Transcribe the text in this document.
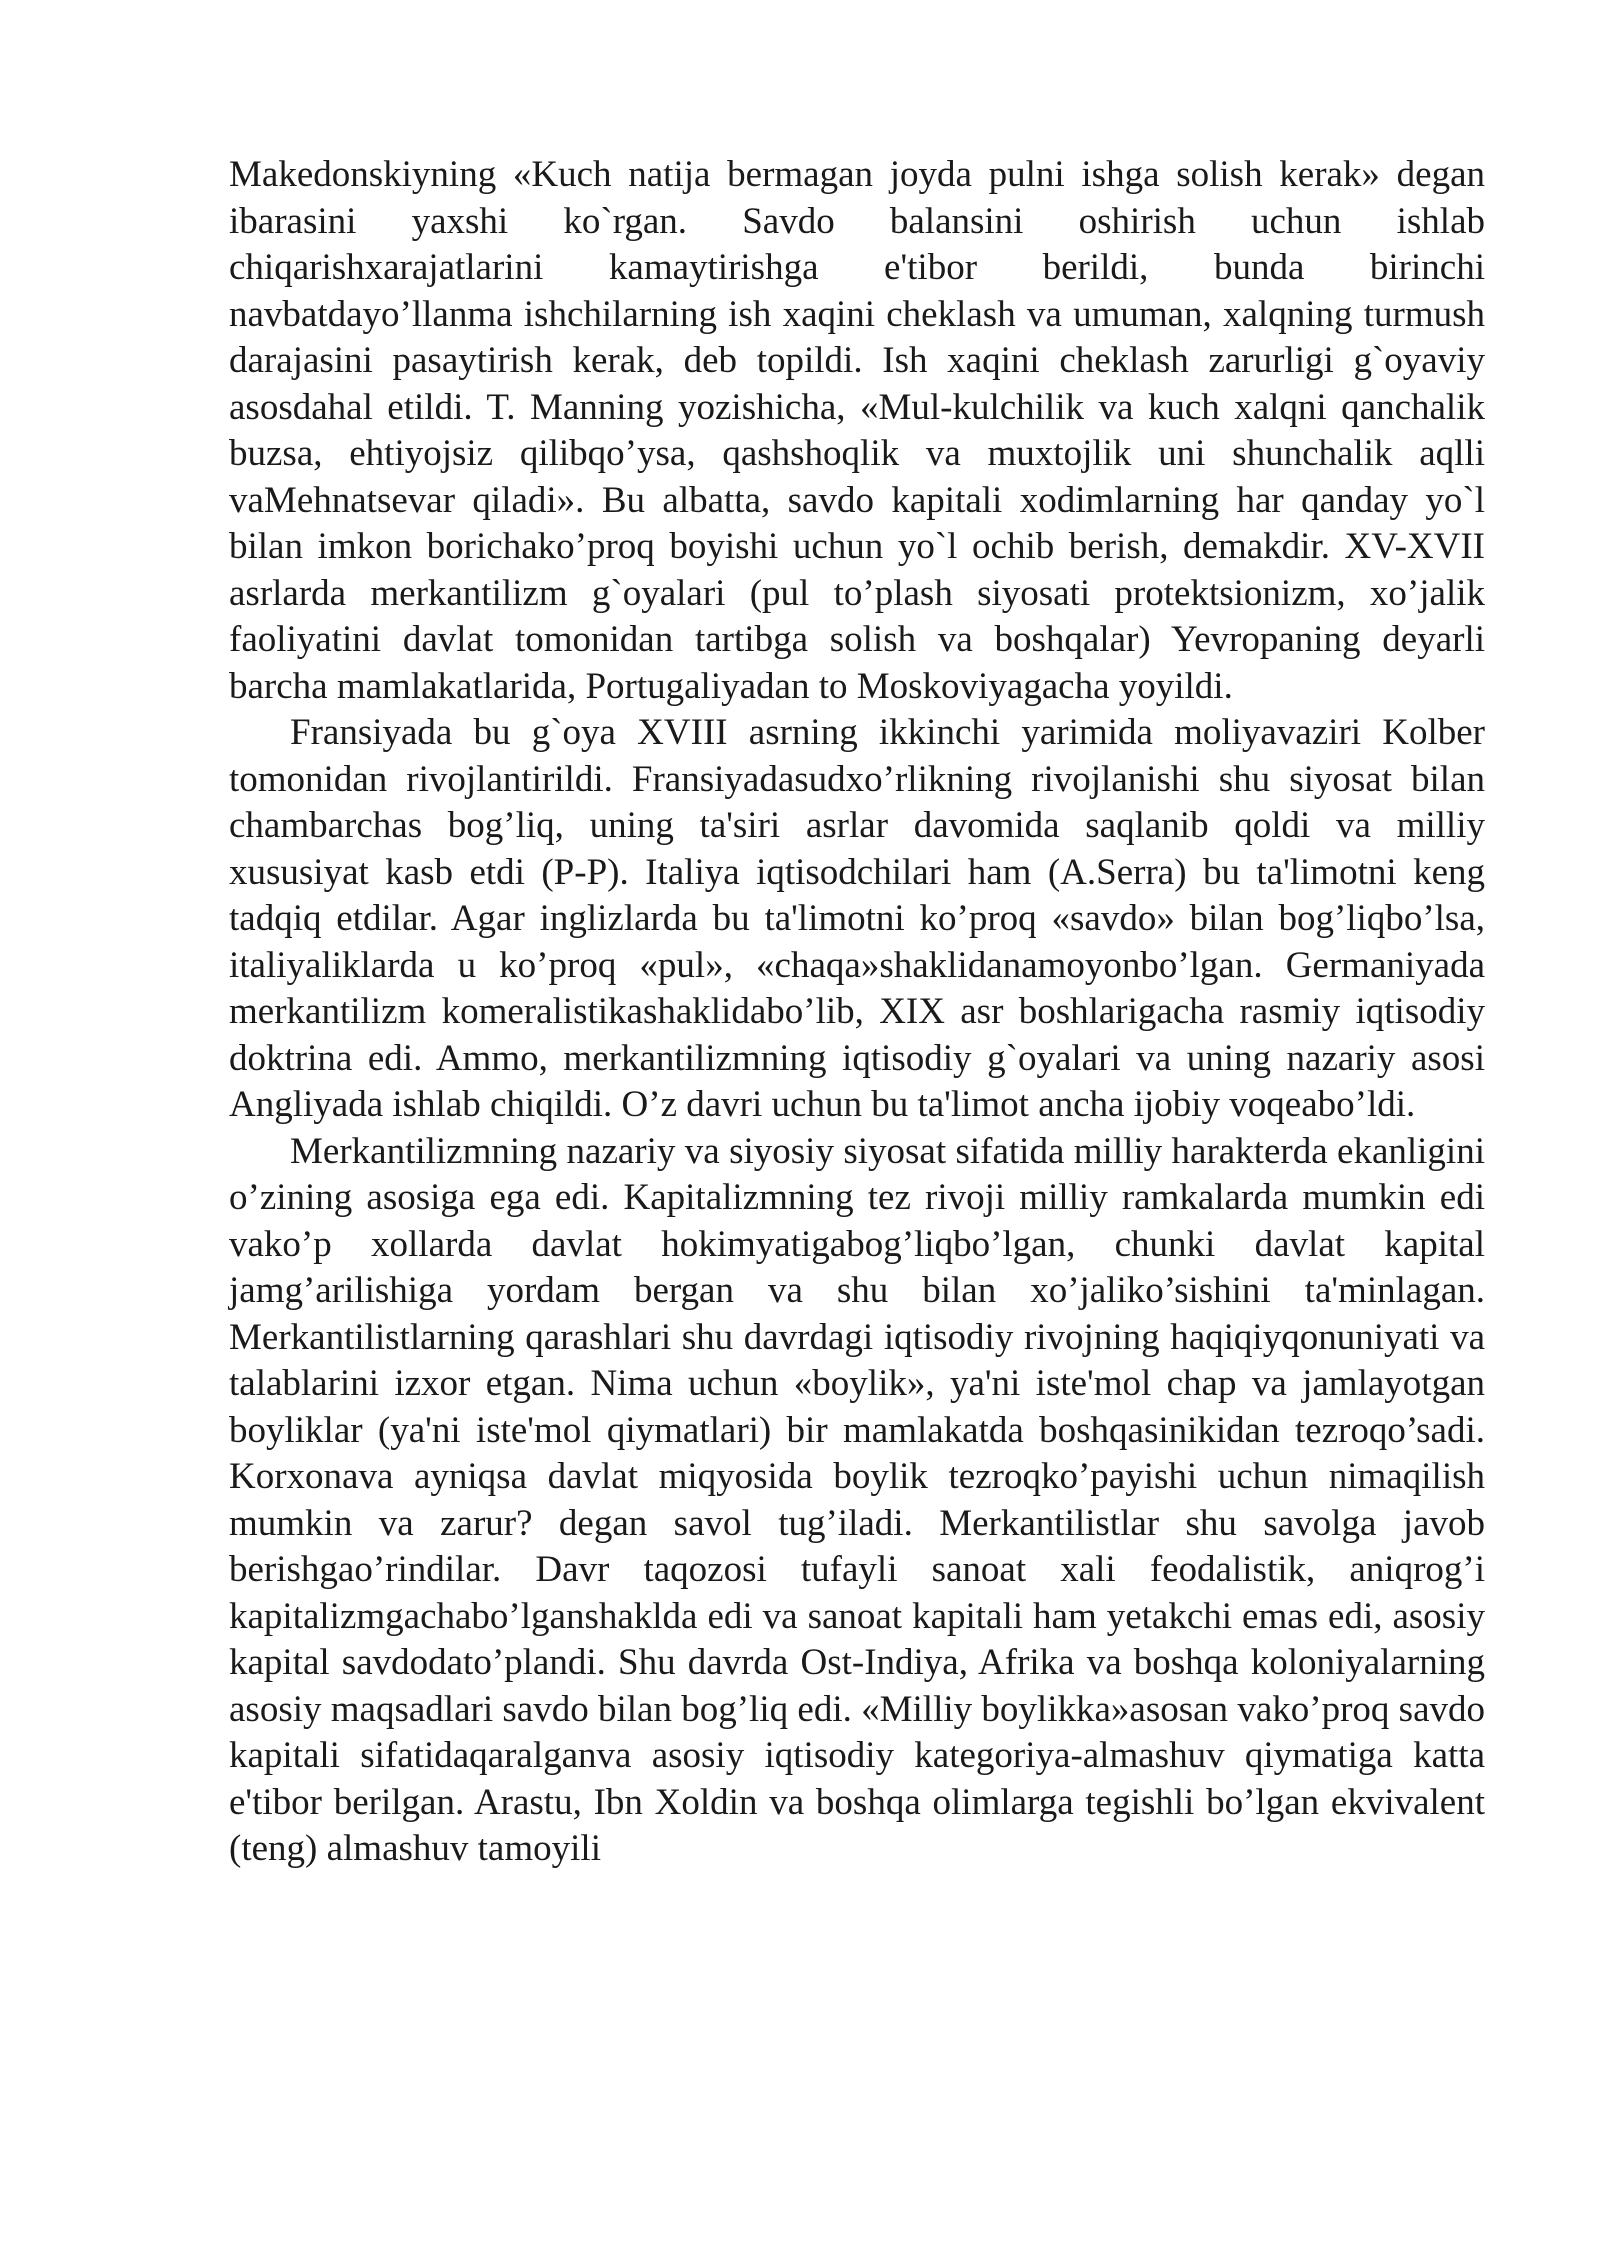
Makedonskiyning «Kuch natija bermagan joyda pulni ishga solish kerak» degan ibarasini yaxshi ko`rgan. Savdo balansini oshirish uchun ishlab chiqarishxarajatlarini kamaytirishga e'tibor berildi, bunda birinchi navbatdayo’llanma ishchilarning ish xaqini cheklash va umuman, xalqning turmush darajasini pasaytirish kerak, deb topildi. Ish xaqini cheklash zarurligi g`oyaviy asosdahal etildi. T. Manning yozishicha, «Mul-kulchilik va kuch xalqni qanchalik buzsa, ehtiyojsiz qilibqo’ysa, qashshoqlik va muxtojlik uni shunchalik aqlli vaMehnatsevar qiladi». Bu albatta, savdo kapitali xodimlarning har qanday yo`l bilan imkon borichako’proq boyishi uchun yo`l ochib berish, demakdir. XV-XVII asrlarda merkantilizm g`oyalari (pul to’plash siyosati protektsionizm, xo’jalik faoliyatini davlat tomonidan tartibga solish va boshqalar) Yevropaning deyarli barcha mamlakatlarida, Portugaliyadan to Moskoviyagacha yoyildi.

Fransiyada bu g`oya XVIII asrning ikkinchi yarimida moliyavaziri Kolber tomonidan rivojlantirildi. Fransiyadasudxo’rlikning rivojlanishi shu siyosat bilan chambarchas bog’liq, uning ta'siri asrlar davomida saqlanib qoldi va milliy xususiyat kasb etdi (P-P). Italiya iqtisodchilari ham (A.Serra) bu ta'limotni keng tadqiq etdilar. Agar inglizlarda bu ta'limotni ko’proq «savdo» bilan bog’liqbo’lsa, italiyaliklarda u ko’proq «pul», «chaqa»shaklidanamoyonbo’lgan. Germaniyada merkantilizm komeralistikashaklidabo’lib, XIX asr boshlarigacha rasmiy iqtisodiy doktrina edi. Ammo, merkantilizmning iqtisodiy g`oyalari va uning nazariy asosi Angliyada ishlab chiqildi. O’z davri uchun bu ta'limot ancha ijobiy voqeabo’ldi.

Merkantilizmning nazariy va siyosiy siyosat sifatida milliy harakterda ekanligini o’zining asosiga ega edi. Kapitalizmning tez rivoji milliy ramkalarda mumkin edi vako’p xollarda davlat hokimyatigabog’liqbo’lgan, chunki davlat kapital jamg’arilishiga yordam bergan va shu bilan xo’jaliko’sishini ta'minlagan. Merkantilistlarning qarashlari shu davrdagi iqtisodiy rivojning haqiqiyqonuniyati va talablarini izxor etgan. Nima uchun «boylik», ya'ni iste'mol chap va jamlayotgan boyliklar (ya'ni iste'mol qiymatlari) bir mamlakatda boshqasinikidan tezroqo’sadi. Korxonava ayniqsa davlat miqyosida boylik tezroqko’payishi uchun nimaqilish mumkin va zarur? degan savol tug’iladi. Merkantilistlar shu savolga javob berishgao’rindilar. Davr taqozosi tufayli sanoat xali feodalistik, aniqrog’i kapitalizmgachabo’lganshaklda edi va sanoat kapitali ham yetakchi emas edi, asosiy kapital savdodato’plandi. Shu davrda Ost-Indiya, Afrika va boshqa koloniyalarning asosiy maqsadlari savdo bilan bog’liq edi. «Milliy boylikka»asosan vako’proq savdo kapitali sifatidaqaralganva asosiy iqtisodiy kategoriya-almashuv qiymatiga katta e'tibor berilgan. Arastu, Ibn Xoldin va boshqa olimlarga tegishli bo’lgan ekvivalent (teng) almashuv tamoyili
